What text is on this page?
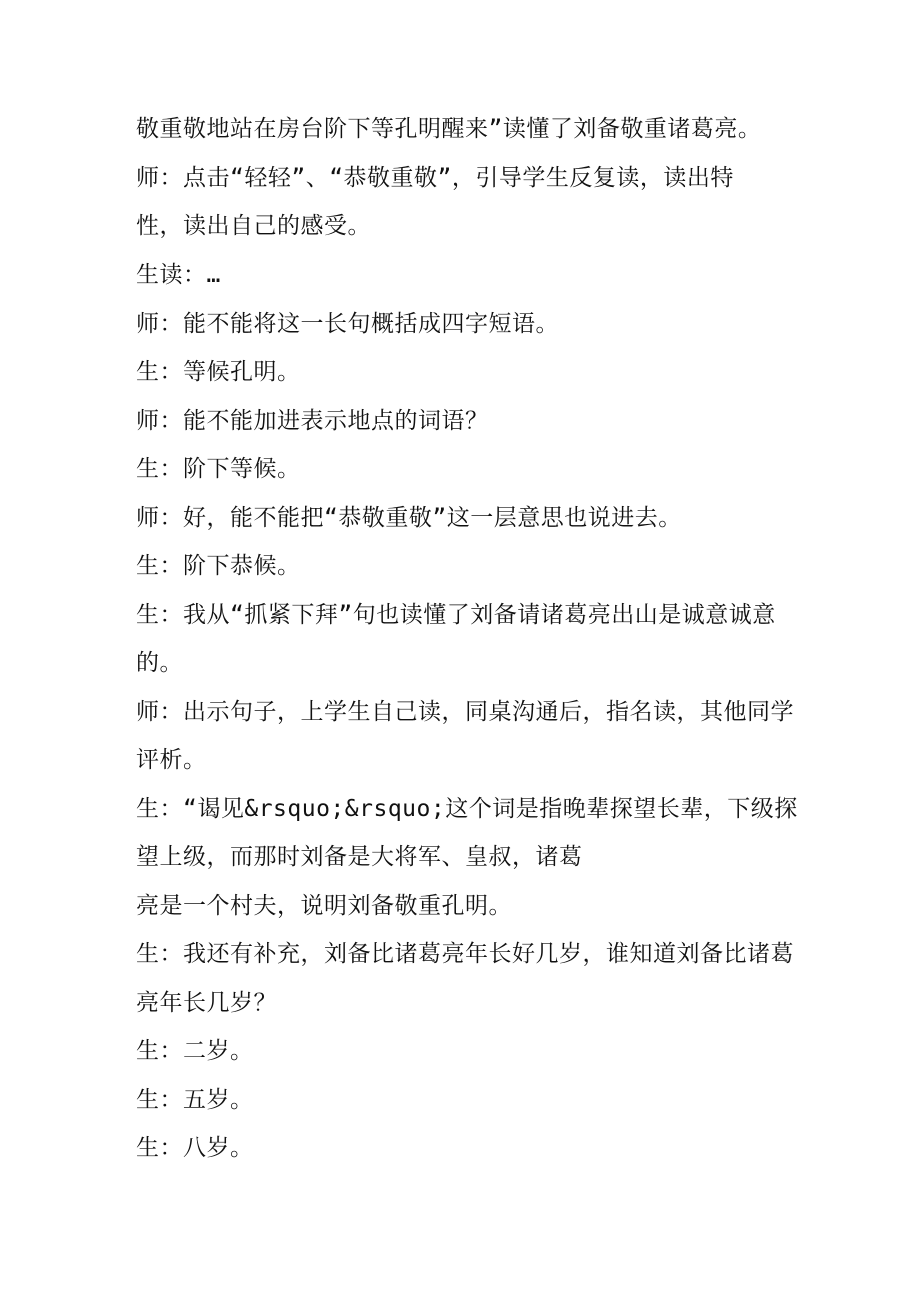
敬重敬地站在房台阶下等孔明醒来”读懂了刘备敬重诸葛亮。
师：点击“轻轻”、“恭敬重敬”，引导学生反复读，读出特
性，读出自己的感受。
生读：…
师：能不能将这一长句概括成四字短语。
生：等候孔明。
师：能不能加进表示地点的词语？
生：阶下等候。
师：好，能不能把“恭敬重敬”这一层意思也说进去。
生：阶下恭候。
生：我从“抓紧下拜”句也读懂了刘备请诸葛亮出山是诚意诚意
的。
师：出示句子，上学生自己读，同桌沟通后，指名读，其他同学
评析。
生：“谒见&rsquo;&rsquo;这个词是指晚辈探望长辈，下级探
望上级，而那时刘备是大将军、皇叔，诸葛
亮是一个村夫，说明刘备敬重孔明。
生：我还有补充，刘备比诸葛亮年长好几岁，谁知道刘备比诸葛
亮年长几岁？
生：二岁。
生：五岁。
生：八岁。
